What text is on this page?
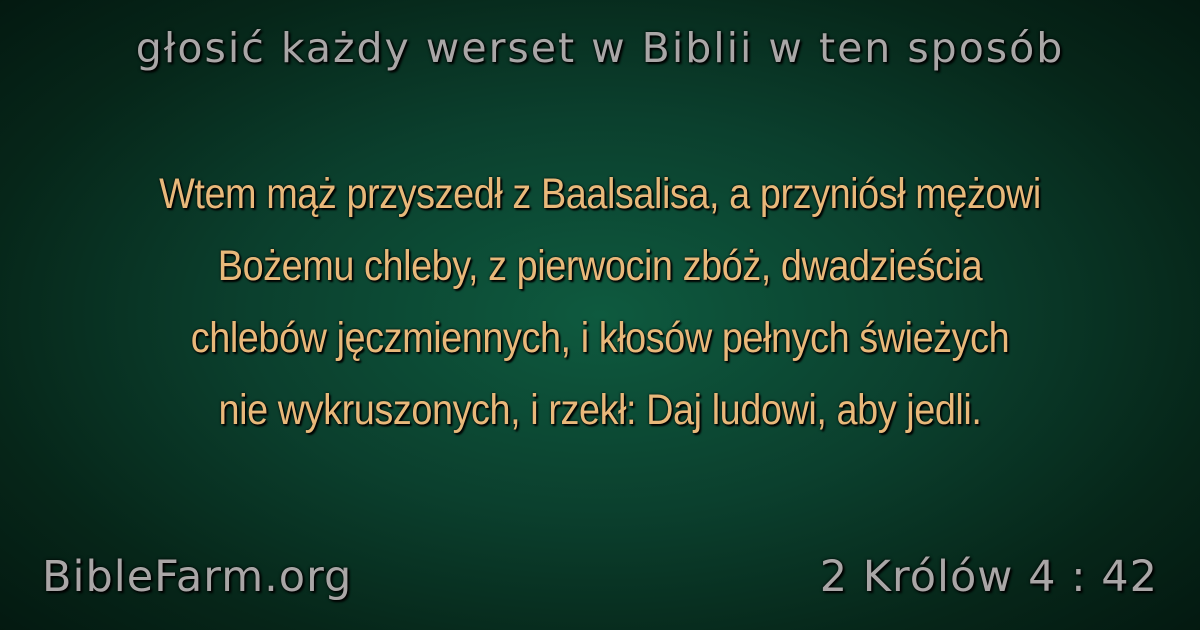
głosić każdy werset w Biblii w ten sposób
Wtem mąż przyszedł z Baalsalisa, a przyniósł mężowi
Bożemu chleby, z pierwocin zbóż, dwadzieścia
chlebów jęczmiennych, i kłosów pełnych świeżych
nie wykruszonych, i rzekł: Daj ludowi, aby jedli.
BibleFarm.org	2 Królów 4 : 42
